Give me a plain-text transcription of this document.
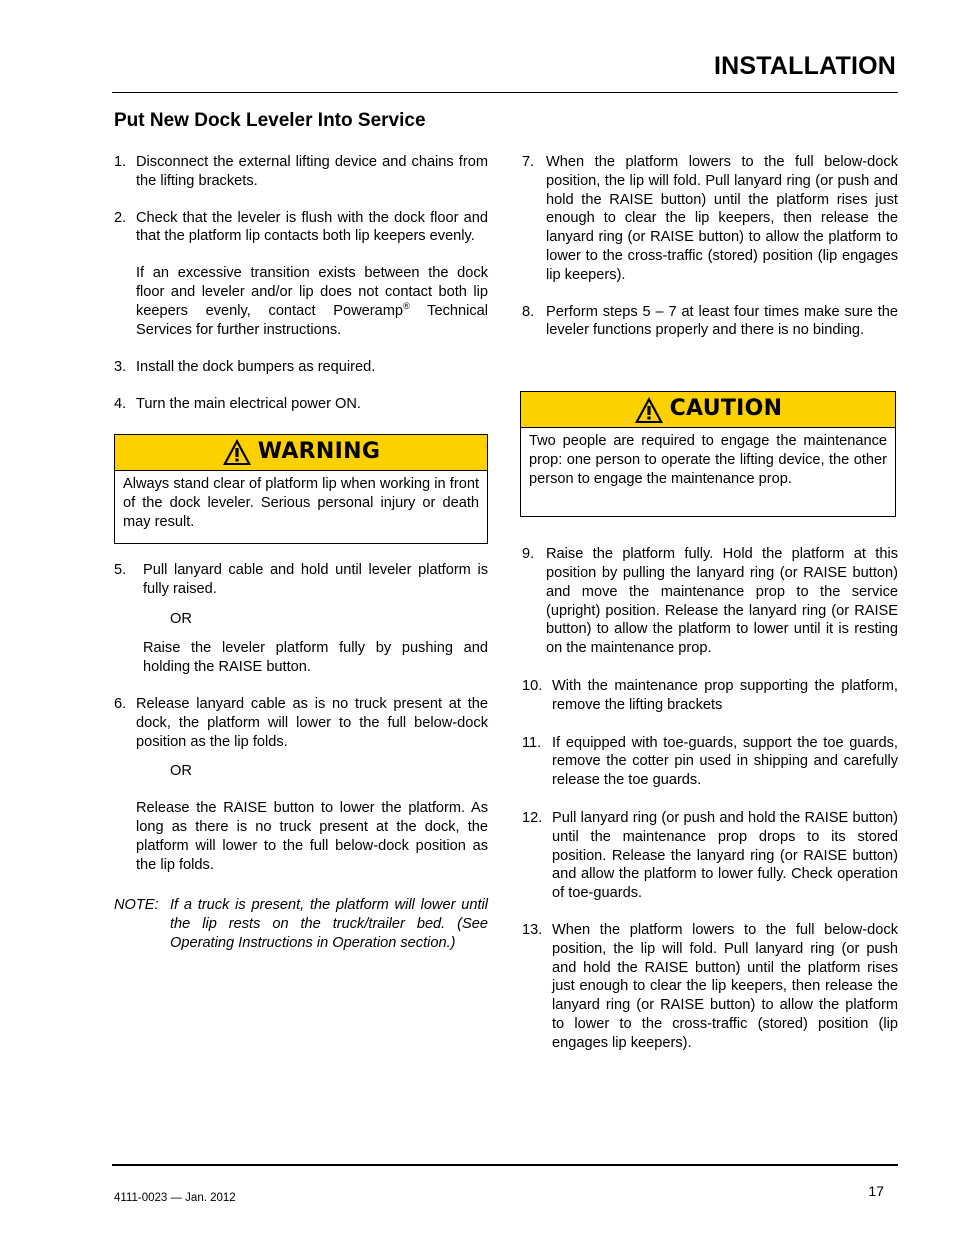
INSTALLATION
Put New Dock Leveler Into Service
1. Disconnect the external lifting device and chains from the lifting brackets.
2. Check that the leveler is flush with the dock floor and that the platform lip contacts both lip keepers evenly.
If an excessive transition exists between the dock floor and leveler and/or lip does not contact both lip keepers evenly, contact Poweramp® Technical Services for further instructions.
3. Install the dock bumpers as required.
4. Turn the main electrical power ON.
WARNING
Always stand clear of platform lip when working in front of the dock leveler. Serious personal injury or death may result.
5. Pull lanyard cable and hold until leveler platform is fully raised.
OR
Raise the leveler platform fully by pushing and holding the RAISE button.
6. Release lanyard cable as is no truck present at the dock, the platform will lower to the full below-dock position as the lip folds.
OR
Release the RAISE button to lower the platform. As long as there is no truck present at the dock, the platform will lower to the full below-dock position as the lip folds.
NOTE: If a truck is present, the platform will lower until the lip rests on the truck/trailer bed. (See Operating Instructions in Operation section.)
7. When the platform lowers to the full below-dock position, the lip will fold. Pull lanyard ring (or push and hold the RAISE button) until the platform rises just enough to clear the lip keepers, then release the lanyard ring (or RAISE button) to allow the platform to lower to the cross-traffic (stored) position (lip engages lip keepers).
8. Perform steps 5 – 7 at least four times make sure the leveler functions properly and there is no binding.
CAUTION
Two people are required to engage the maintenance prop: one person to operate the lifting device, the other person to engage the maintenance prop.
9. Raise the platform fully. Hold the platform at this position by pulling the lanyard ring (or RAISE button) and move the maintenance prop to the service (upright) position. Release the lanyard ring (or RAISE button) to allow the platform to lower until it is resting on the maintenance prop.
10. With the maintenance prop supporting the platform, remove the lifting brackets
11. If equipped with toe-guards, support the toe guards, remove the cotter pin used in shipping and carefully release the toe guards.
12. Pull lanyard ring (or push and hold the RAISE button) until the maintenance prop drops to its stored position. Release the lanyard ring (or RAISE button) and allow the platform to lower fully. Check operation of toe-guards.
13. When the platform lowers to the full below-dock position, the lip will fold. Pull lanyard ring (or push and hold the RAISE button) until the platform rises just enough to clear the lip keepers, then release the lanyard ring (or RAISE button) to allow the platform to lower to the cross-traffic (stored) position (lip engages lip keepers).
17
4111-0023 — Jan. 2012
